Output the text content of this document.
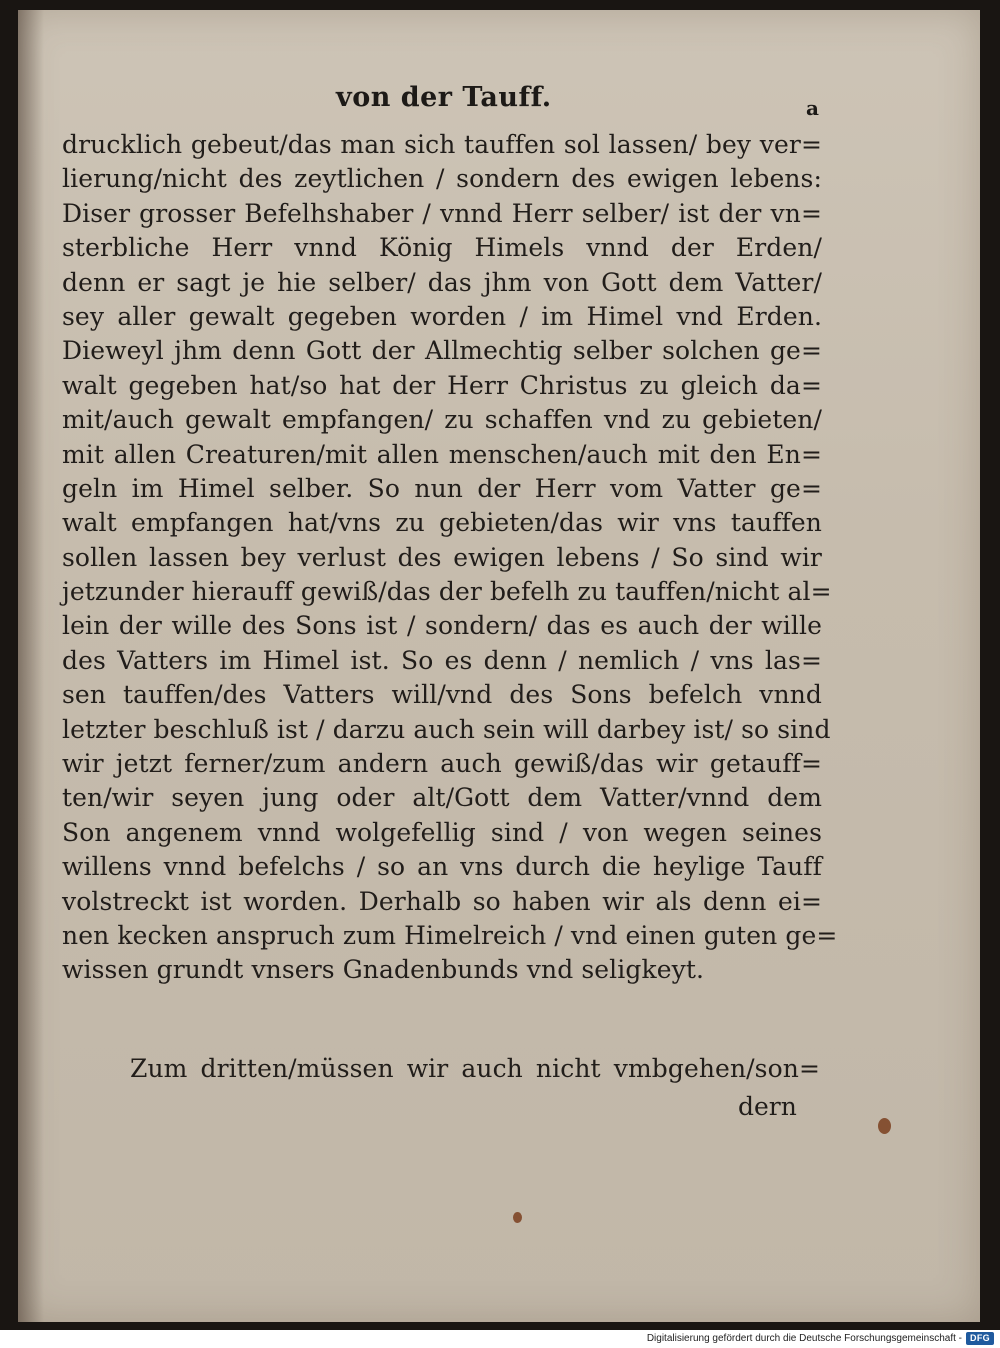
von der Tauff.	a
drucklich gebeut/das man sich tauffen sol lassen/ bey ver=
lierung/nicht des zeytlichen / sondern des ewigen lebens:
Diser grosser Befelhshaber / vnnd Herr selber/ ist der vn=
sterbliche Herr vnnd König Himels vnnd der Erden/
denn er sagt je hie selber/ das jhm von Gott dem Vatter/
sey aller gewalt gegeben worden / im Himel vnd Erden.
Dieweyl jhm denn Gott der Allmechtig selber solchen ge=
walt gegeben hat/so hat der Herr Christus zu gleich da=
mit/auch gewalt empfangen/ zu schaffen vnd zu gebieten/
mit allen Creaturen/mit allen menschen/auch mit den En=
geln im Himel selber. So nun der Herr vom Vatter ge=
walt empfangen hat/vns zu gebieten/das wir vns tauffen
sollen lassen bey verlust des ewigen lebens / So sind wir
jetzunder hierauff gewiß/das der befelh zu tauffen/nicht al=
lein der wille des Sons ist / sondern/ das es auch der wille
des Vatters im Himel ist. So es denn / nemlich / vns las=
sen tauffen/des Vatters will/vnd des Sons befelch vnnd
letzter beschluß ist / darzu auch sein will darbey ist/ so sind
wir jetzt ferner/zum andern auch gewiß/das wir getauff=
ten/wir seyen jung oder alt/Gott dem Vatter/vnnd dem
Son angenem vnnd wolgefellig sind / von wegen seines
willens vnnd befelchs / so an vns durch die heylige Tauff
volstreckt ist worden. Derhalb so haben wir als denn ei=
nen kecken anspruch zum Himelreich / vnd einen guten ge=
wissen grundt vnsers Gnadenbunds vnd seligkeyt.
Zum dritten/müssen wir auch nicht vmbgehen/son=
dern
Digitalisierung gefördert durch die Deutsche Forschungsgemeinschaft - DFG
